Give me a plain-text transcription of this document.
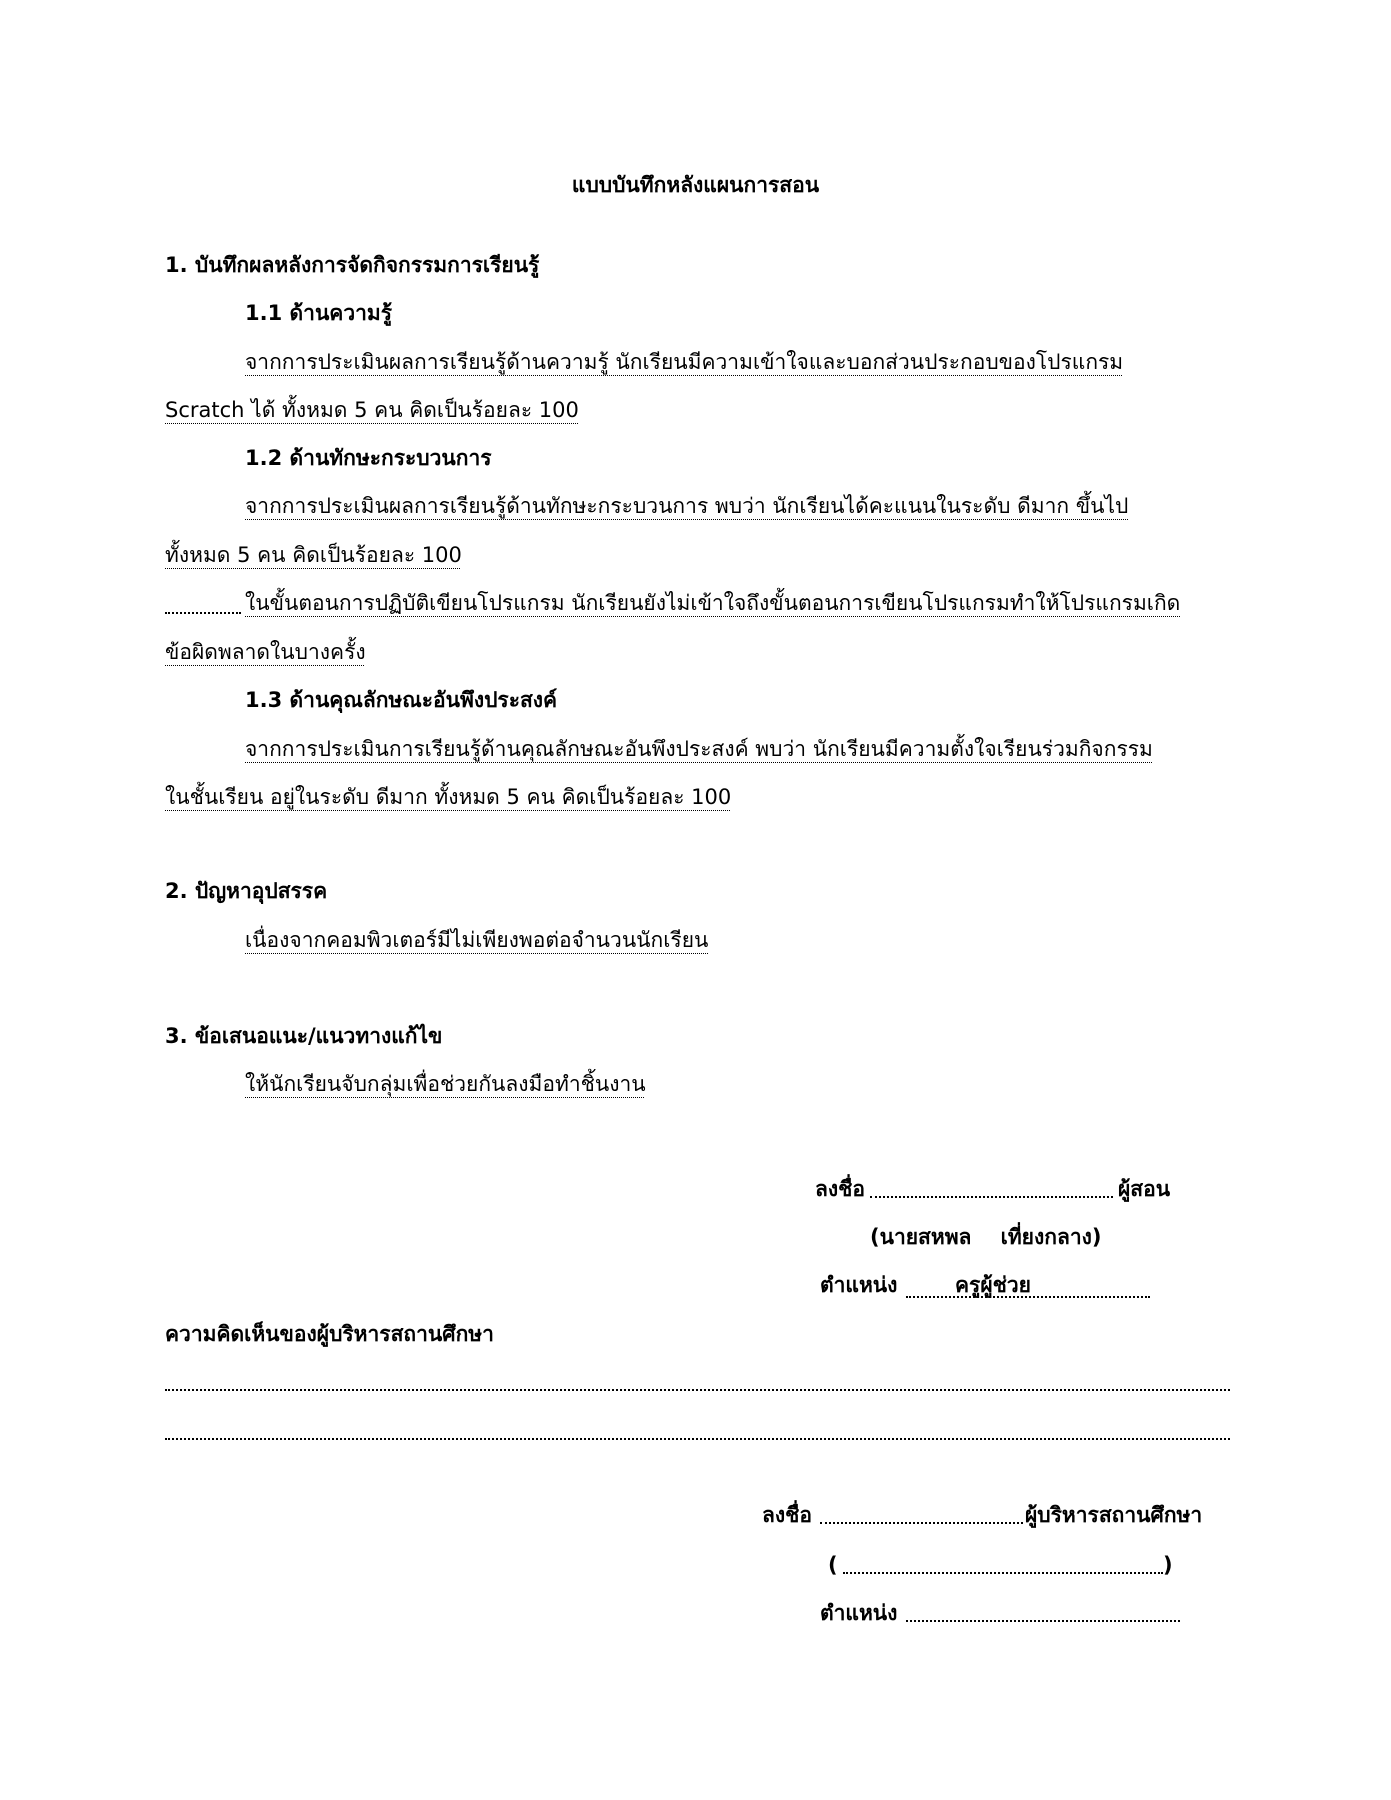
แบบบันทึกหลังแผนการสอน
1. บันทึกผลหลังการจัดกิจกรรมการเรียนรู้
1.1 ด้านความรู้
จากการประเมินผลการเรียนรู้ด้านความรู้ นักเรียนมีความเข้าใจและบอกส่วนประกอบของโปรแกรม
Scratch ได้ ทั้งหมด 5 คน คิดเป็นร้อยละ 100
1.2 ด้านทักษะกระบวนการ
จากการประเมินผลการเรียนรู้ด้านทักษะกระบวนการ พบว่า นักเรียนได้คะแนนในระดับ ดีมาก ขึ้นไป
ทั้งหมด 5 คน คิดเป็นร้อยละ 100
ในขั้นตอนการปฏิบัติเขียนโปรแกรม นักเรียนยังไม่เข้าใจถึงขั้นตอนการเขียนโปรแกรมทำให้โปรแกรมเกิด
ข้อผิดพลาดในบางครั้ง
1.3 ด้านคุณลักษณะอันพึงประสงค์
จากการประเมินการเรียนรู้ด้านคุณลักษณะอันพึงประสงค์ พบว่า นักเรียนมีความตั้งใจเรียนร่วมกิจกรรม
ในชั้นเรียน อยู่ในระดับ ดีมาก ทั้งหมด 5 คน คิดเป็นร้อยละ 100
2. ปัญหาอุปสรรค
เนื่องจากคอมพิวเตอร์มีไม่เพียงพอต่อจำนวนนักเรียน
3. ข้อเสนอแนะ/แนวทางแก้ไข
ให้นักเรียนจับกลุ่มเพื่อช่วยกันลงมือทำชิ้นงาน
ลงชื่อ	ผู้สอน
(นายสหพล    เที่ยงกลาง)
ตำแหน่ง	ครูผู้ช่วย
ความคิดเห็นของผู้บริหารสถานศึกษา
ลงชื่อ	ผู้บริหารสถานศึกษา
(	)
ตำแหน่ง
